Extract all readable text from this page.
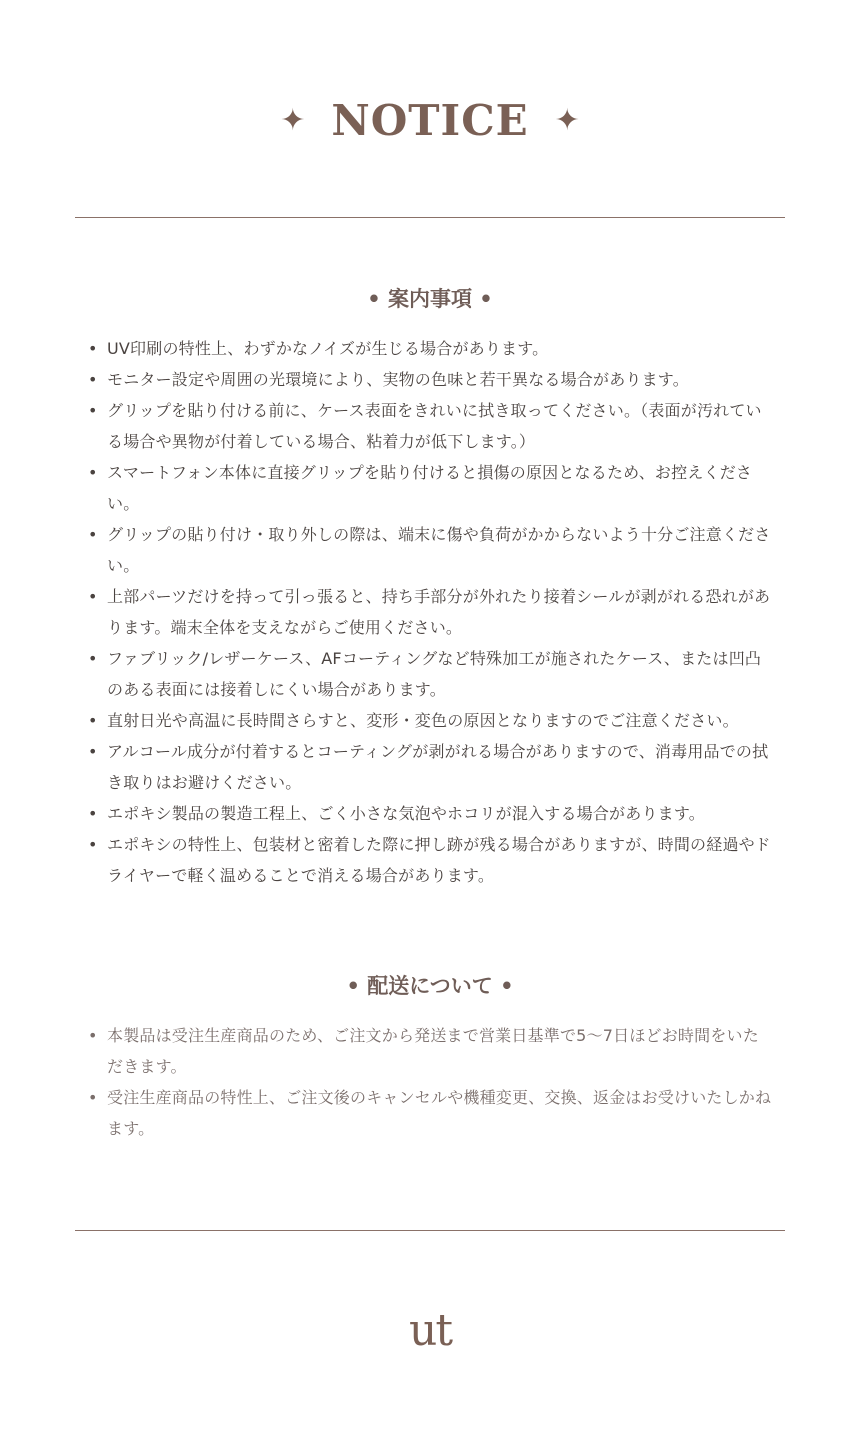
✦ NOTICE ✦
• 案内事項 •
• UV印刷の特性上、わずかなノイズが生じる場合があります。
• モニター設定や周囲の光環境により、実物の色味と若干異なる場合があります。
• グリップを貼り付ける前に、ケース表面をきれいに拭き取ってください。（表面が汚れている場合や異物が付着している場合、粘着力が低下します。）
• スマートフォン本体に直接グリップを貼り付けると損傷の原因となるため、お控えください。
• グリップの貼り付け・取り外しの際は、端末に傷や負荷がかからないよう十分ご注意ください。
• 上部パーツだけを持って引っ張ると、持ち手部分が外れたり接着シールが剥がれる恐れがあります。端末全体を支えながらご使用ください。
• ファブリック/レザーケース、AFコーティングなど特殊加工が施されたケース、または凹凸のある表面には接着しにくい場合があります。
• 直射日光や高温に長時間さらすと、変形・変色の原因となりますのでご注意ください。
• アルコール成分が付着するとコーティングが剥がれる場合がありますので、消毒用品での拭き取りはお避けください。
• エポキシ製品の製造工程上、ごく小さな気泡やホコリが混入する場合があります。
• エポキシの特性上、包装材と密着した際に押し跡が残る場合がありますが、時間の経過やドライヤーで軽く温めることで消える場合があります。
• 配送について •
• 本製品は受注生産商品のため、ご注文から発送まで営業日基準で5〜7日ほどお時間をいただきます。
• 受注生産商品の特性上、ご注文後のキャンセルや機種変更、交換、返金はお受けいたしかねます。
ut
